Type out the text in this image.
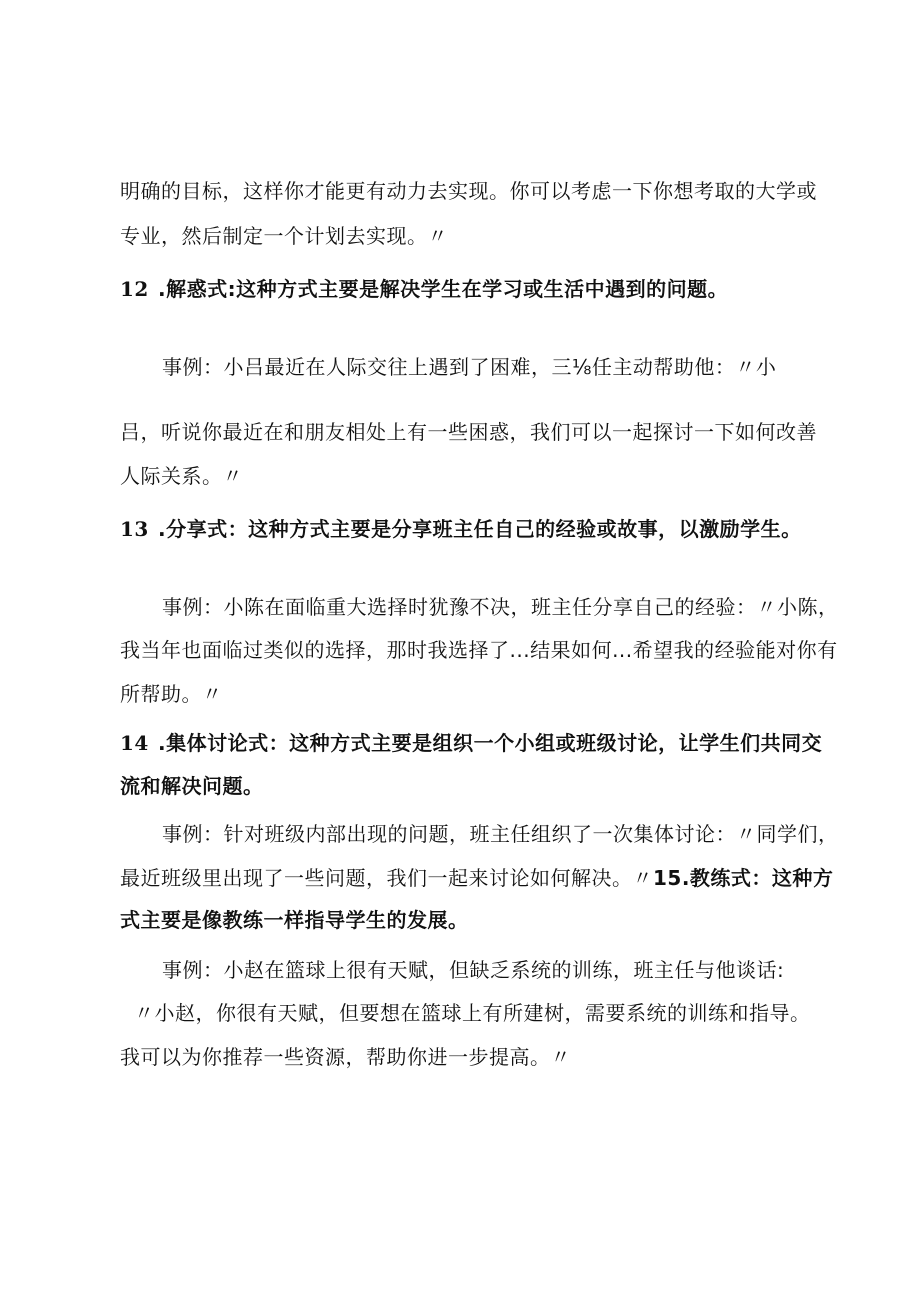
明确的目标，这样你才能更有动力去实现。你可以考虑一下你想考取的大学或
专业，然后制定一个计划去实现。〃
12 .解惑式:这种方式主要是解决学生在学习或生活中遇到的问题。
事例：小吕最近在人际交往上遇到了困难，三⅛任主动帮助他：〃小
吕，听说你最近在和朋友相处上有一些困惑，我们可以一起探讨一下如何改善
人际关系。〃
13 .分享式：这种方式主要是分享班主任自己的经验或故事，以激励学生。
事例：小陈在面临重大选择时犹豫不决，班主任分享自己的经验：〃小陈，
我当年也面临过类似的选择，那时我选择了...结果如何...希望我的经验能对你有
所帮助。〃
14 .集体讨论式：这种方式主要是组织一个小组或班级讨论，让学生们共同交
流和解决问题。
事例：针对班级内部出现的问题，班主任组织了一次集体讨论：〃同学们，
最近班级里出现了一些问题，我们一起来讨论如何解决。〃15.教练式：这种方
式主要是像教练一样指导学生的发展。
事例：小赵在篮球上很有天赋，但缺乏系统的训练，班主任与他谈话:
〃小赵，你很有天赋，但要想在篮球上有所建树，需要系统的训练和指导。
我可以为你推荐一些资源，帮助你进一步提高。〃
